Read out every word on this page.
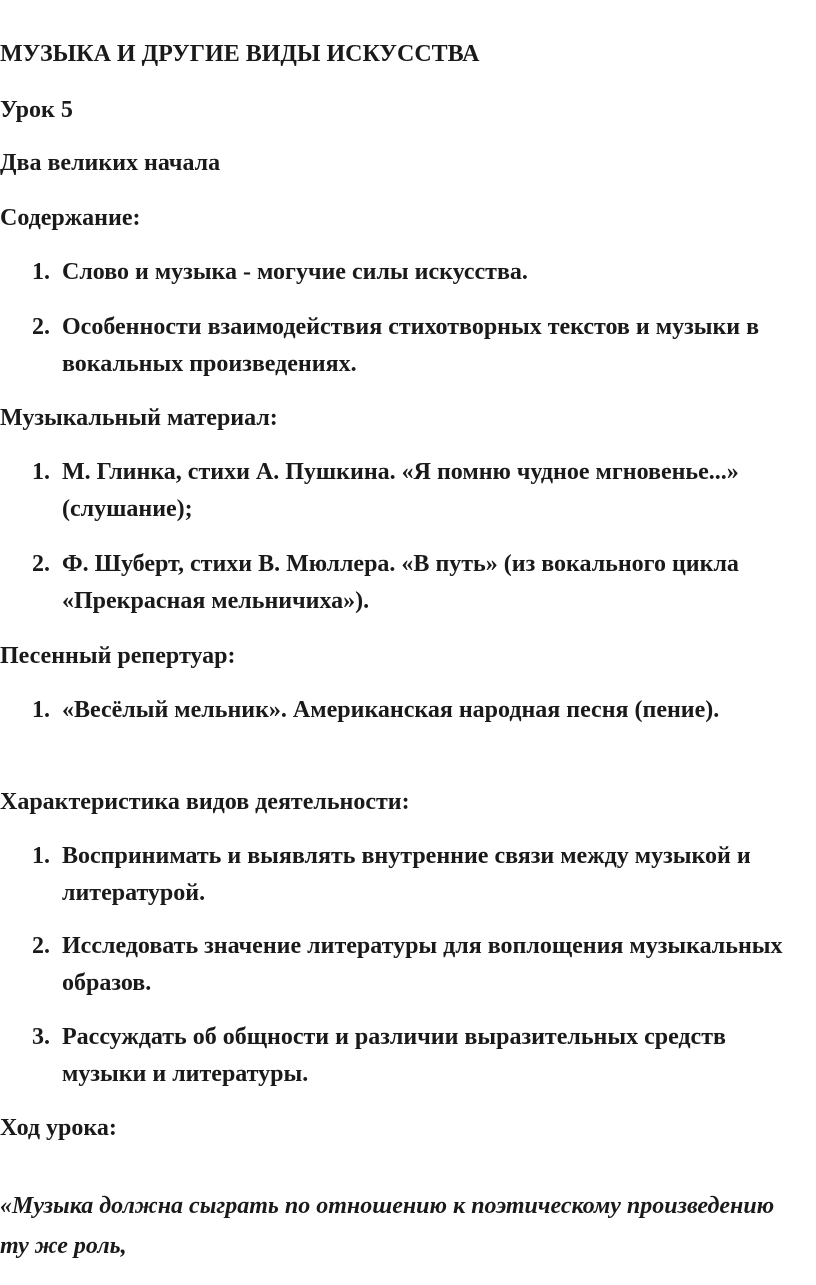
МУЗЫКА И ДРУГИЕ ВИДЫ ИСКУССТВА

Урок 5

Два великих начала

Содержание:

1. Слово и музыка - могучие силы искусства.
2. Особенности взаимодействия стихотворных текстов и музыки в вокальных произведениях.

Музыкальный материал:

1. М. Глинка, стихи А. Пушкина. «Я помню чудное мгновенье...» (слушание);
2. Ф. Шуберт, стихи В. Мюллера. «В путь» (из вокального цикла «Прекрасная мельничиха»).

Песенный репертуар:

1. «Весёлый мельник». Американская народная песня (пение).

Характеристика видов деятельности:

1. Воспринимать и выявлять внутренние связи между музыкой и литературой.
2. Исследовать значение литературы для воплощения музыкальных образов.
3. Рассуждать об общности и различии выразительных средств музыки и литературы.

Ход урока:

«Музыка должна сыграть по отношению к поэтическому произведению ту же роль,
